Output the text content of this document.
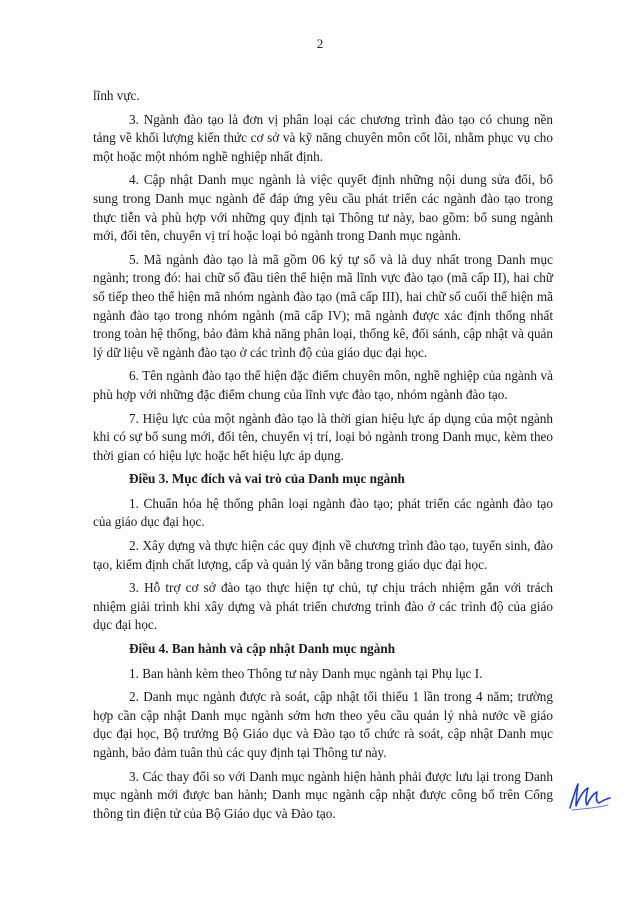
2

lĩnh vực.

3. Ngành đào tạo là đơn vị phân loại các chương trình đào tạo có chung nền tảng về khối lượng kiến thức cơ sở và kỹ năng chuyên môn cốt lõi, nhằm phục vụ cho một hoặc một nhóm nghề nghiệp nhất định.

4. Cập nhật Danh mục ngành là việc quyết định những nội dung sửa đổi, bổ sung trong Danh mục ngành để đáp ứng yêu cầu phát triển các ngành đào tạo trong thực tiễn và phù hợp với những quy định tại Thông tư này, bao gồm: bổ sung ngành mới, đổi tên, chuyển vị trí hoặc loại bỏ ngành trong Danh mục ngành.

5. Mã ngành đào tạo là mã gồm 06 ký tự số và là duy nhất trong Danh mục ngành; trong đó: hai chữ số đầu tiên thể hiện mã lĩnh vực đào tạo (mã cấp II), hai chữ số tiếp theo thể hiện mã nhóm ngành đào tạo (mã cấp III), hai chữ số cuối thể hiện mã ngành đào tạo trong nhóm ngành (mã cấp IV); mã ngành được xác định thống nhất trong toàn hệ thống, bảo đảm khả năng phân loại, thống kê, đối sánh, cập nhật và quản lý dữ liệu về ngành đào tạo ở các trình độ của giáo dục đại học.

6. Tên ngành đào tạo thể hiện đặc điểm chuyên môn, nghề nghiệp của ngành và phù hợp với những đặc điểm chung của lĩnh vực đào tạo, nhóm ngành đào tạo.

7. Hiệu lực của một ngành đào tạo là thời gian hiệu lực áp dụng của một ngành khi có sự bổ sung mới, đổi tên, chuyển vị trí, loại bỏ ngành trong Danh mục, kèm theo thời gian có hiệu lực hoặc hết hiệu lực áp dụng.

Điều 3. Mục đích và vai trò của Danh mục ngành

1. Chuẩn hóa hệ thống phân loại ngành đào tạo; phát triển các ngành đào tạo của giáo dục đại học.

2. Xây dựng và thực hiện các quy định về chương trình đào tạo, tuyển sinh, đào tạo, kiểm định chất lượng, cấp và quản lý văn bằng trong giáo dục đại học.

3. Hỗ trợ cơ sở đào tạo thực hiện tự chủ, tự chịu trách nhiệm gắn với trách nhiệm giải trình khi xây dựng và phát triển chương trình đào ở các trình độ của giáo dục đại học.

Điều 4. Ban hành và cập nhật Danh mục ngành

1. Ban hành kèm theo Thông tư này Danh mục ngành tại Phụ lục I.

2. Danh mục ngành được rà soát, cập nhật tối thiểu 1 lần trong 4 năm; trường hợp cần cập nhật Danh mục ngành sớm hơn theo yêu cầu quản lý nhà nước về giáo dục đại học, Bộ trưởng Bộ Giáo dục và Đào tạo tổ chức rà soát, cập nhật Danh mục ngành, bảo đảm tuân thủ các quy định tại Thông tư này.

3. Các thay đổi so với Danh mục ngành hiện hành phải được lưu lại trong Danh mục ngành mới được ban hành; Danh mục ngành cập nhật được công bố trên Cổng thông tin điện tử của Bộ Giáo dục và Đào tạo.
